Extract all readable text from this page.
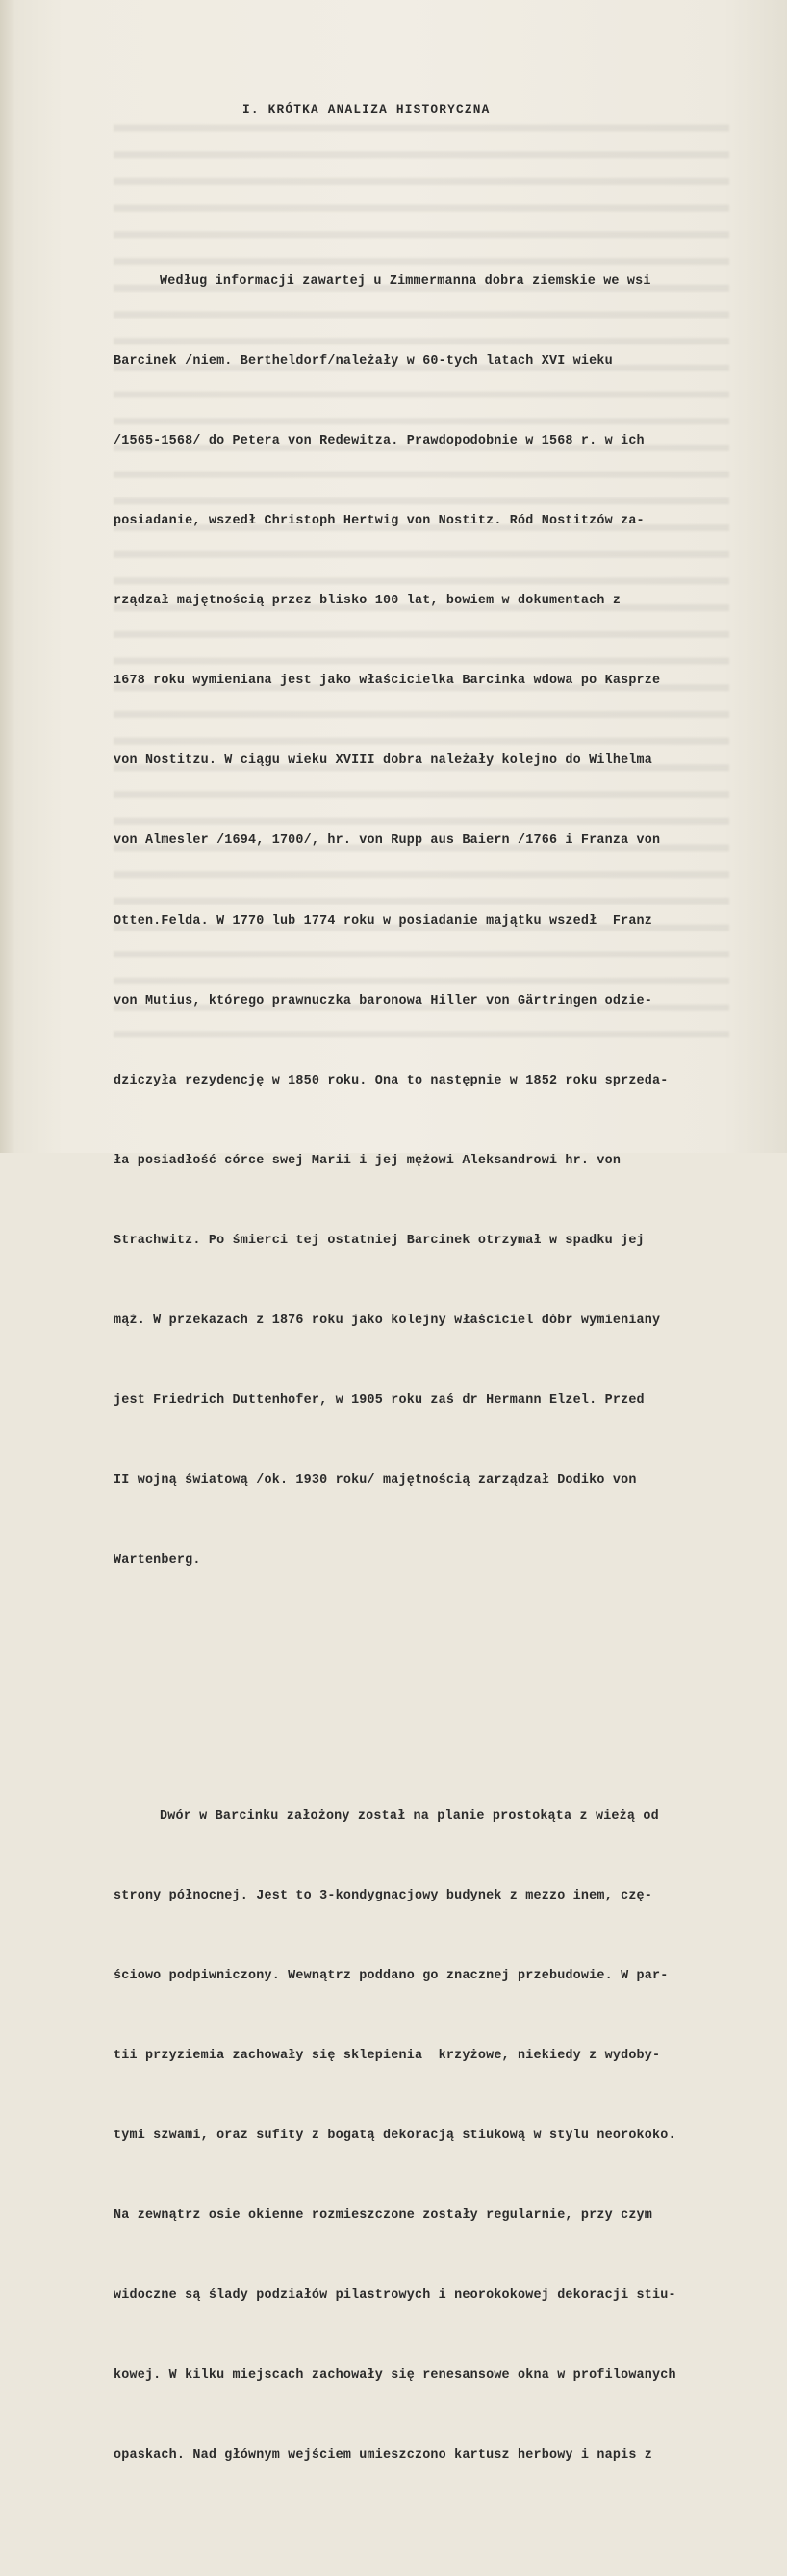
I. KRÓTKA ANALIZA HISTORYCZNA

Według informacji zawartej u Zimmermanna dobra ziemskie we wsi

Barcinek /niem. Bertheldorf/należały w 60-tych latach XVI wieku

/1565-1568/ do Petera von Redewitza. Prawdopodobnie w 1568 r. w ich

posiadanie, wszedł Christoph Hertwig von Nostitz. Ród Nostitzów za-

rządzał majętnością przez blisko 100 lat, bowiem w dokumentach z

1678 roku wymieniana jest jako właścicielka Barcinka wdowa po Kasprze

von Nostitzu. W ciągu wieku XVIII dobra należały kolejno do Wilhelma

von Almesler /1694, 1700/, hr. von Rupp aus Baiern /1766 i Franza von

Otten.Felda. W 1770 lub 1774 roku w posiadanie majątku wszedł  Franz

von Mutius, którego prawnuczka baronowa Hiller von Gärtringen odzie-

dziczyła rezydencję w 1850 roku. Ona to następnie w 1852 roku sprzeda-

ła posiadłość córce swej Marii i jej mężowi Aleksandrowi hr. von

Strachwitz. Po śmierci tej ostatniej Barcinek otrzymał w spadku jej

mąż. W przekazach z 1876 roku jako kolejny właściciel dóbr wymieniany

jest Friedrich Duttenhofer, w 1905 roku zaś dr Hermann Elzel. Przed

II wojną światową /ok. 1930 roku/ majętnością zarządzał Dodiko von

Wartenberg.

Dwór w Barcinku założony został na planie prostokąta z wieżą od

strony północnej. Jest to 3-kondygnacjowy budynek z mezzo inem, czę-

ściowo podpiwniczony. Wewnątrz poddano go znacznej przebudowie. W par-

tii przyziemia zachowały się sklepienia  krzyżowe, niekiedy z wydoby-

tymi szwami, oraz sufity z bogatą dekoracją stiukową w stylu neorokoko.

Na zewnątrz osie okienne rozmieszczone zostały regularnie, przy czym

widoczne są ślady podziałów pilastrowych i neorokokowej dekoracji stiu-

kowej. W kilku miejscach zachowały się renesansowe okna w profilowanych

opaskach. Nad głównym wejściem umieszczono kartusz herbowy i napis z
